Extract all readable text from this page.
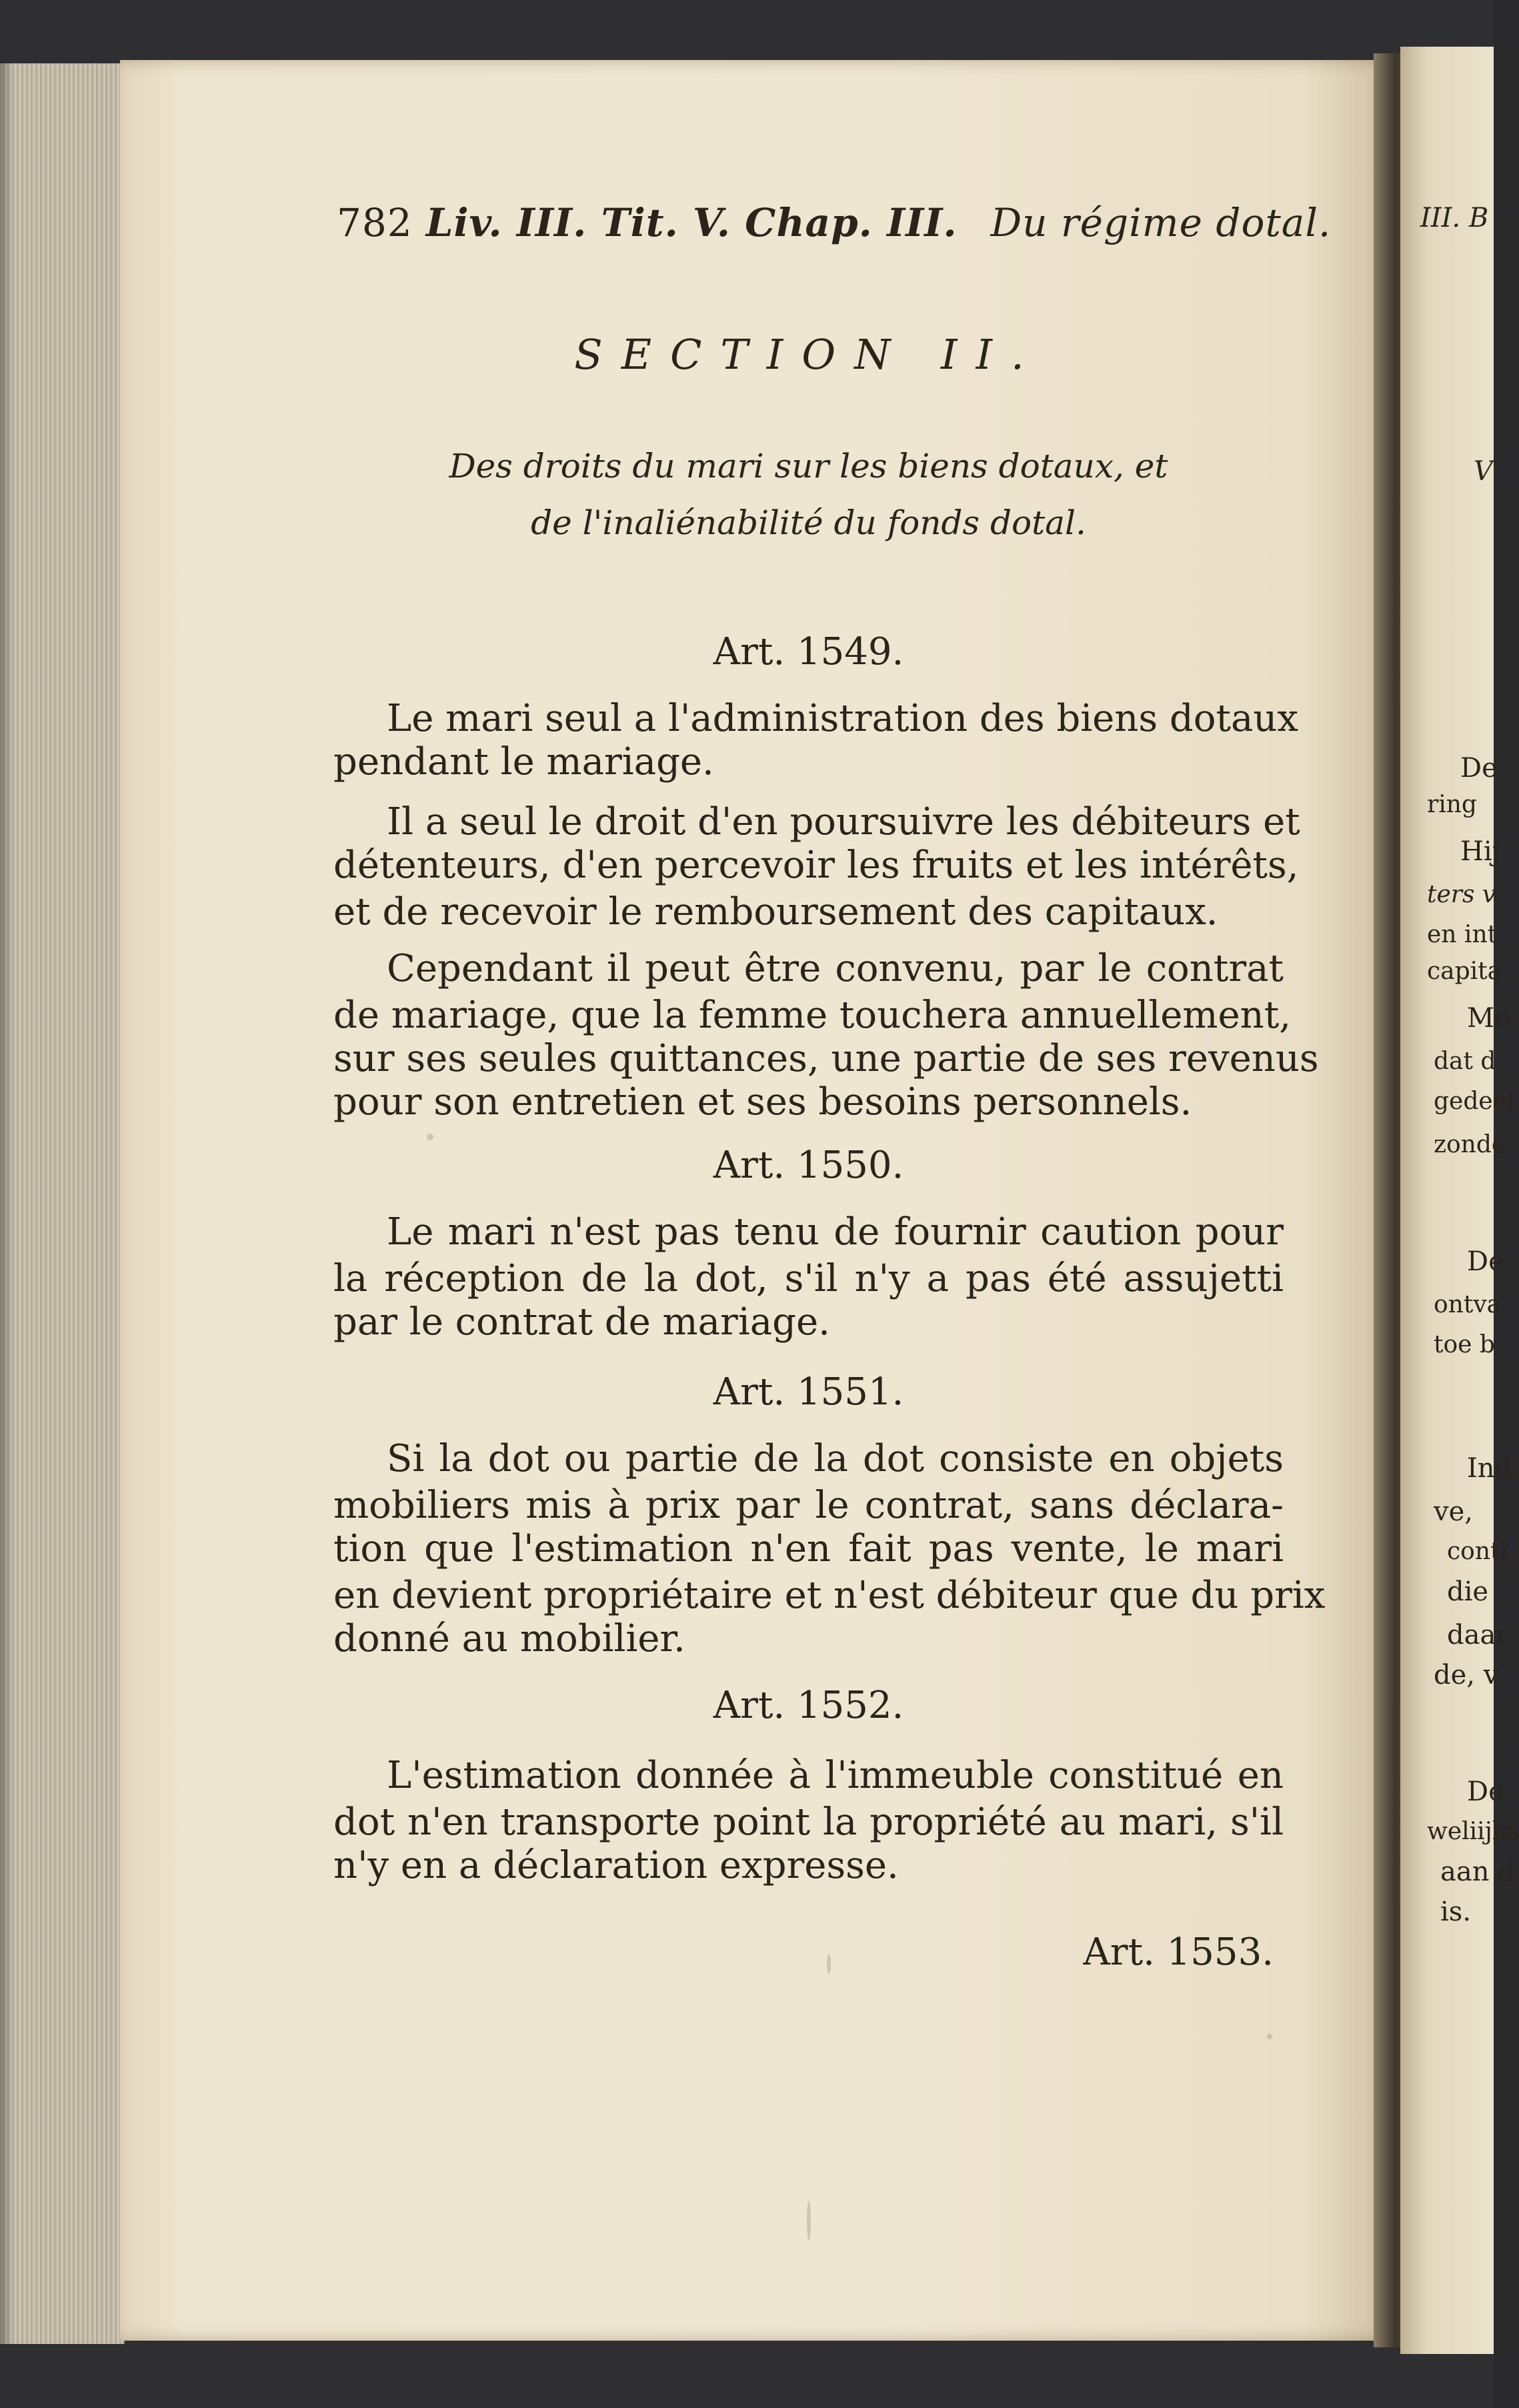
III. B
V
De
ring
Hij
ters v.
en int
capita
Me
dat d
gedeel
zonde
De
ontva
toe b
Ind
ve,
conti
die
daar
de, v
De
weliijks
aan d
is.
782 Liv. III. Tit. V. Chap. III. Du régime dotal.
SECTION II.
Des droits du mari sur les biens dotaux, et
de l'inaliénabilité du fonds dotal.
Art. 1549.
Le mari seul a l'administration des biens dotaux
pendant le mariage.
Il a seul le droit d'en poursuivre les débiteurs et
détenteurs, d'en percevoir les fruits et les intérêts,
et de recevoir le remboursement des capitaux.
Cependant il peut être convenu, par le contrat
de mariage, que la femme touchera annuellement,
sur ses seules quittances, une partie de ses revenus
pour son entretien et ses besoins personnels.
Art. 1550.
Le mari n'est pas tenu de fournir caution pour
la réception de la dot, s'il n'y a pas été assujetti
par le contrat de mariage.
Art. 1551.
Si la dot ou partie de la dot consiste en objets
mobiliers mis à prix par le contrat, sans déclara-
tion que l'estimation n'en fait pas vente, le mari
en devient propriétaire et n'est débiteur que du prix
donné au mobilier.
Art. 1552.
L'estimation donnée à l'immeuble constitué en
dot n'en transporte point la propriété au mari, s'il
n'y en a déclaration expresse.
Art. 1553.
